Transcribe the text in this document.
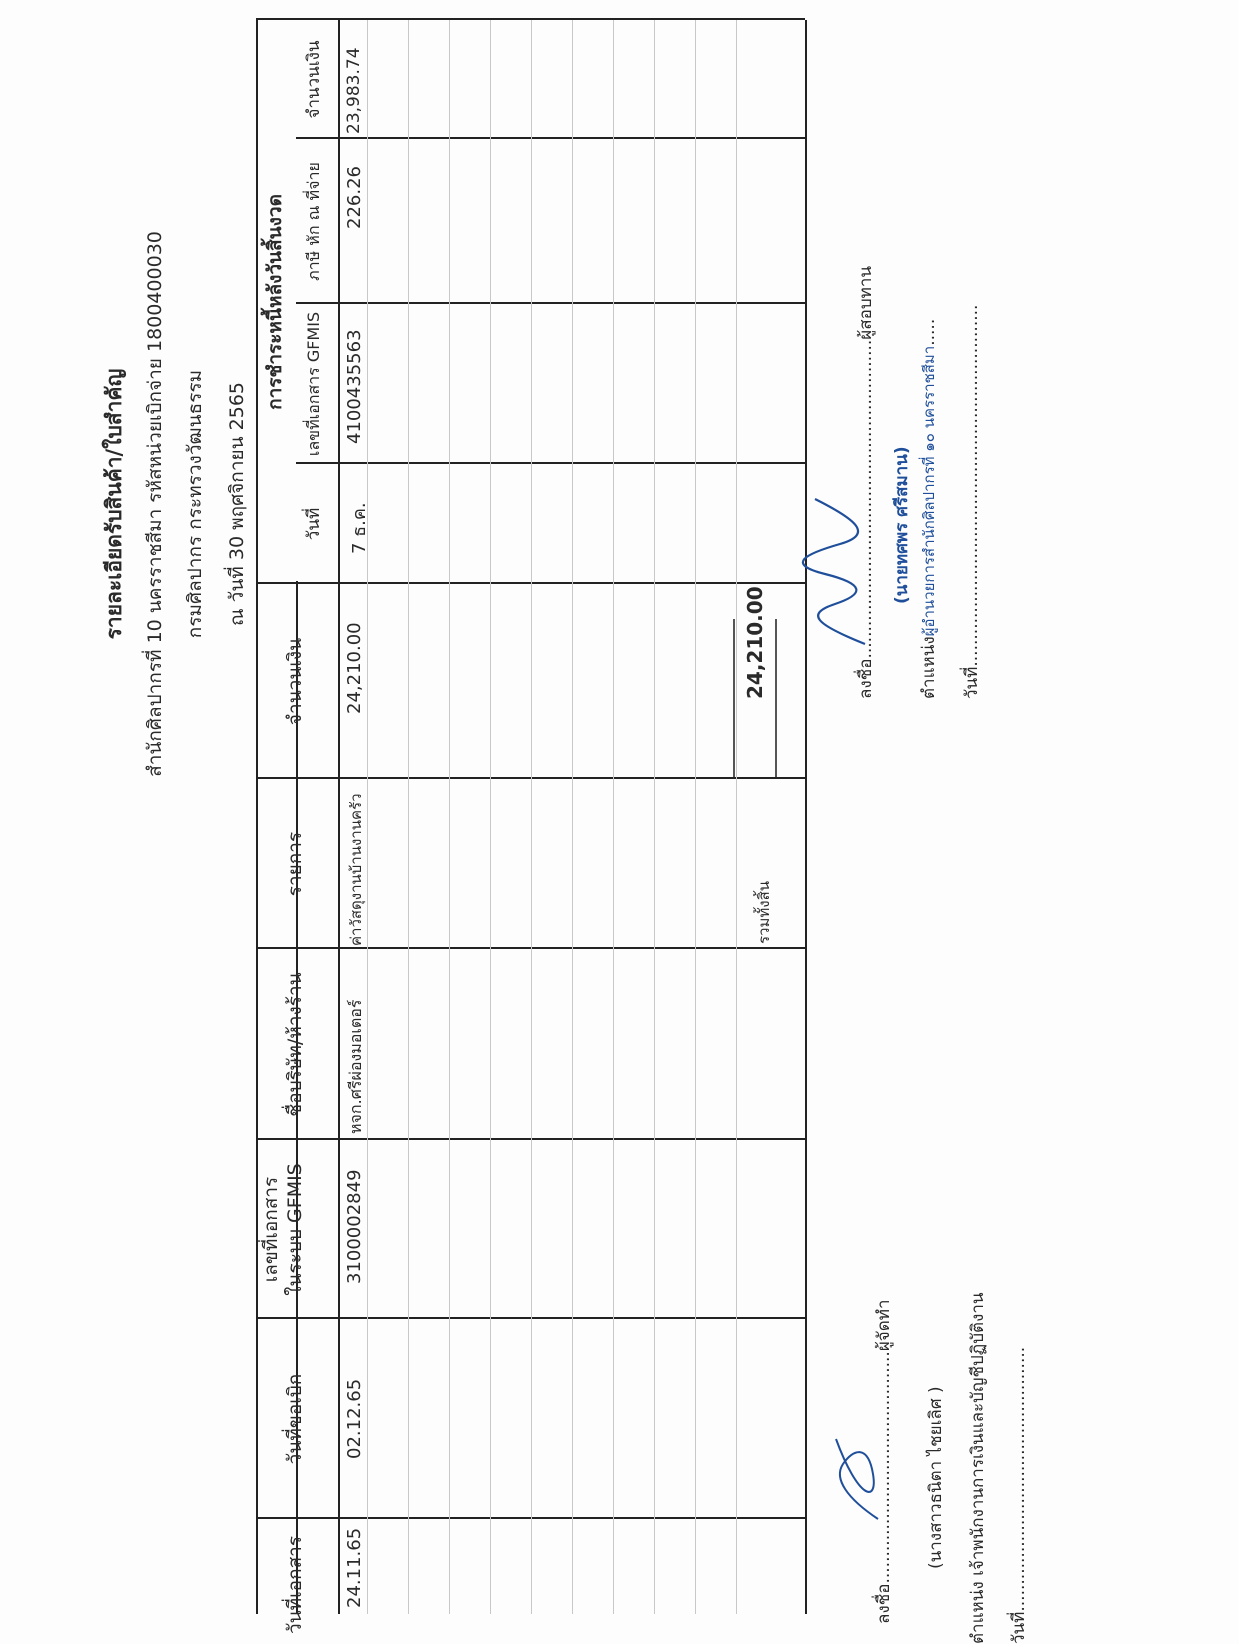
รายละเอียดรับสินค้า/ใบสำคัญ สำนักศิลปากรที่ 10 นครราชสีมา รหัสหน่วยเบิกจ่าย 1800400030 กรมศิลปากร กระทรวงวัฒนธรรม ณ วันที่ 30 พฤศจิกายน 2565
วันที่เอกสาร
วันที่ขอเบิก
เลขที่เอกสาร ในระบบ GFMIS
ชื่อบริษัท/ห้างร้าน
รายการ
จำนวนเงิน
การชำระหนี้หลังวันสิ้นงวด
วันที่
เลขที่เอกสาร GFMIS
ภาษี หัก ณ ที่จ่าย
จำนวนเงิน
24.11.65
02.12.65
3100002849
หจก.ศรีผ่องมอเตอร์
ค่าวัสดุงานบ้านงานครัว
24,210.00
7 ธ.ค.
4100435563
226.26
23,983.74
รวมทั้งสิ้น
24,210.00
ลงชื่อ...........................................ผู้จัดทำ
(นางสาวธนิตา ไชยเลิศ ) ตำแหน่ง เจ้าพนักงานการเงินและบัญชีปฏิบัติงาน วันที่.................................................
ลงชื่อ...........................................................ผู้สอบทาน
(นายทศพร ศรีสมาน)
ตำแหน่งผู้อำนวยการสำนักศิลปากรที่ ๑๐ นครราชสีมา.....
วันที่...................................................................
